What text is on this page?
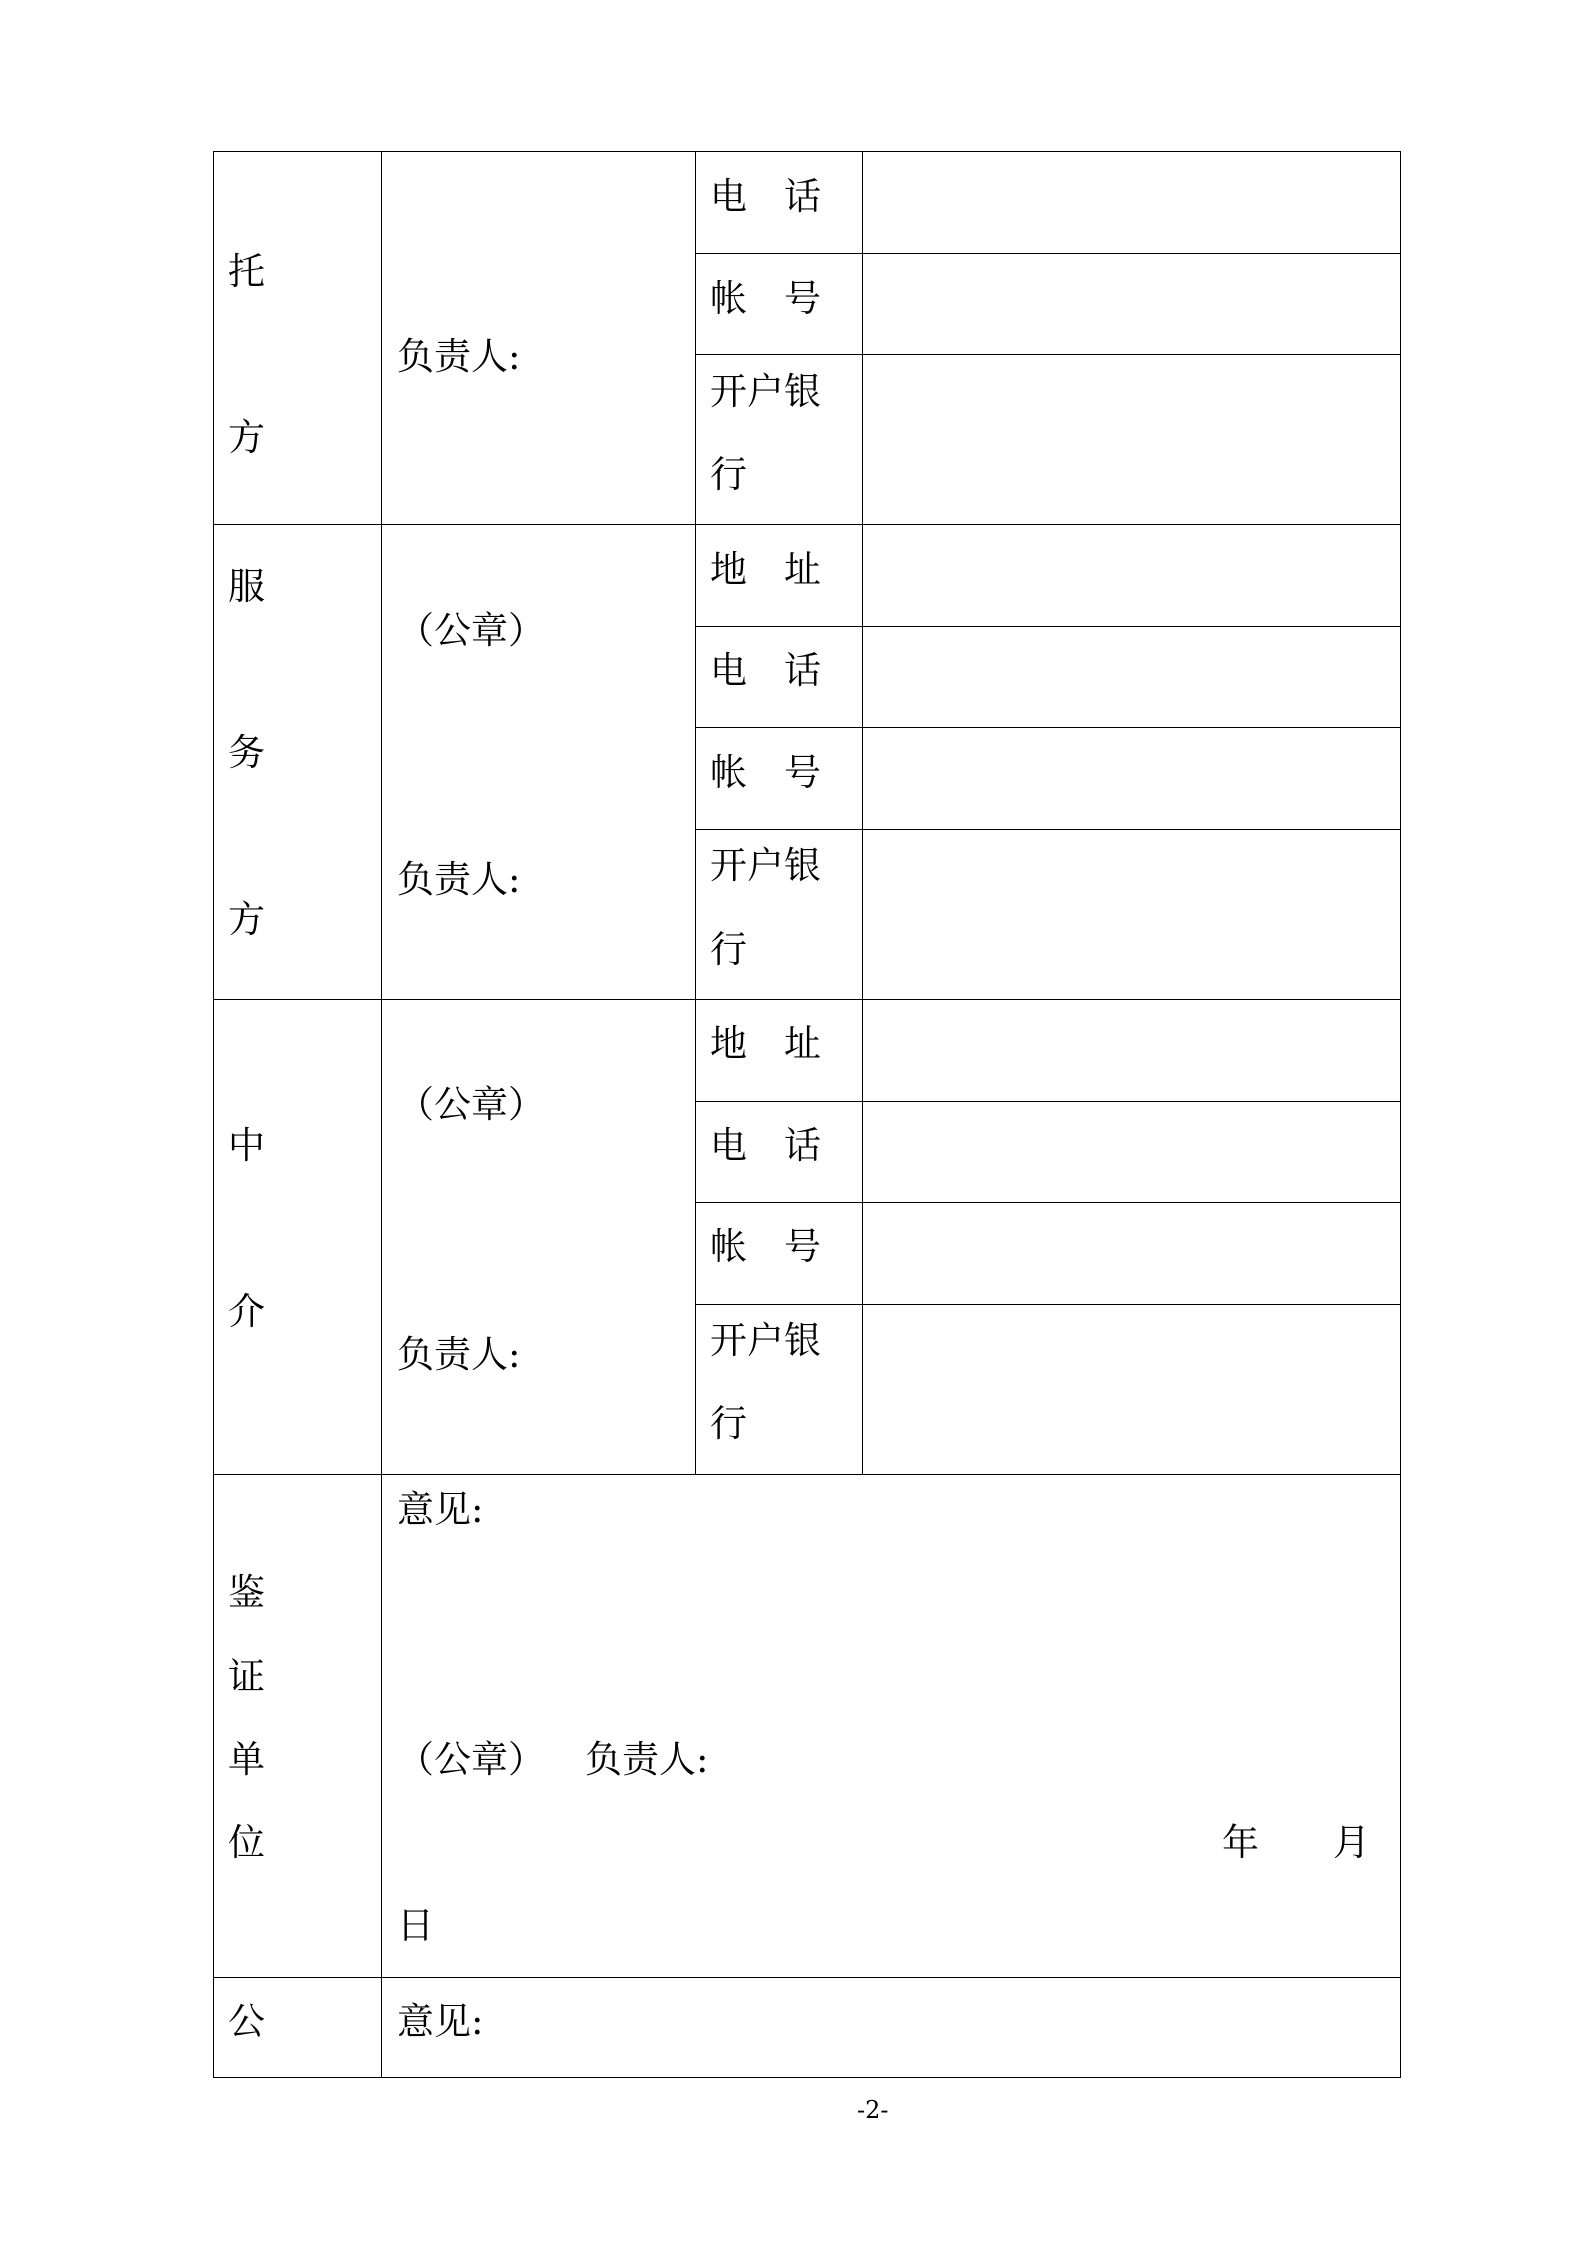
托
方
负责人:
电　话
帐　号
开户银
行
服
务
方
（公章）
负责人:
地　址
电　话
帐　号
开户银
行
中
介
（公章）
负责人:
地　址
电　话
帐　号
开户银
行
鉴
证
单
位
意见:
（公章） 负责人:
年 月
日
公	意见:
-2-
